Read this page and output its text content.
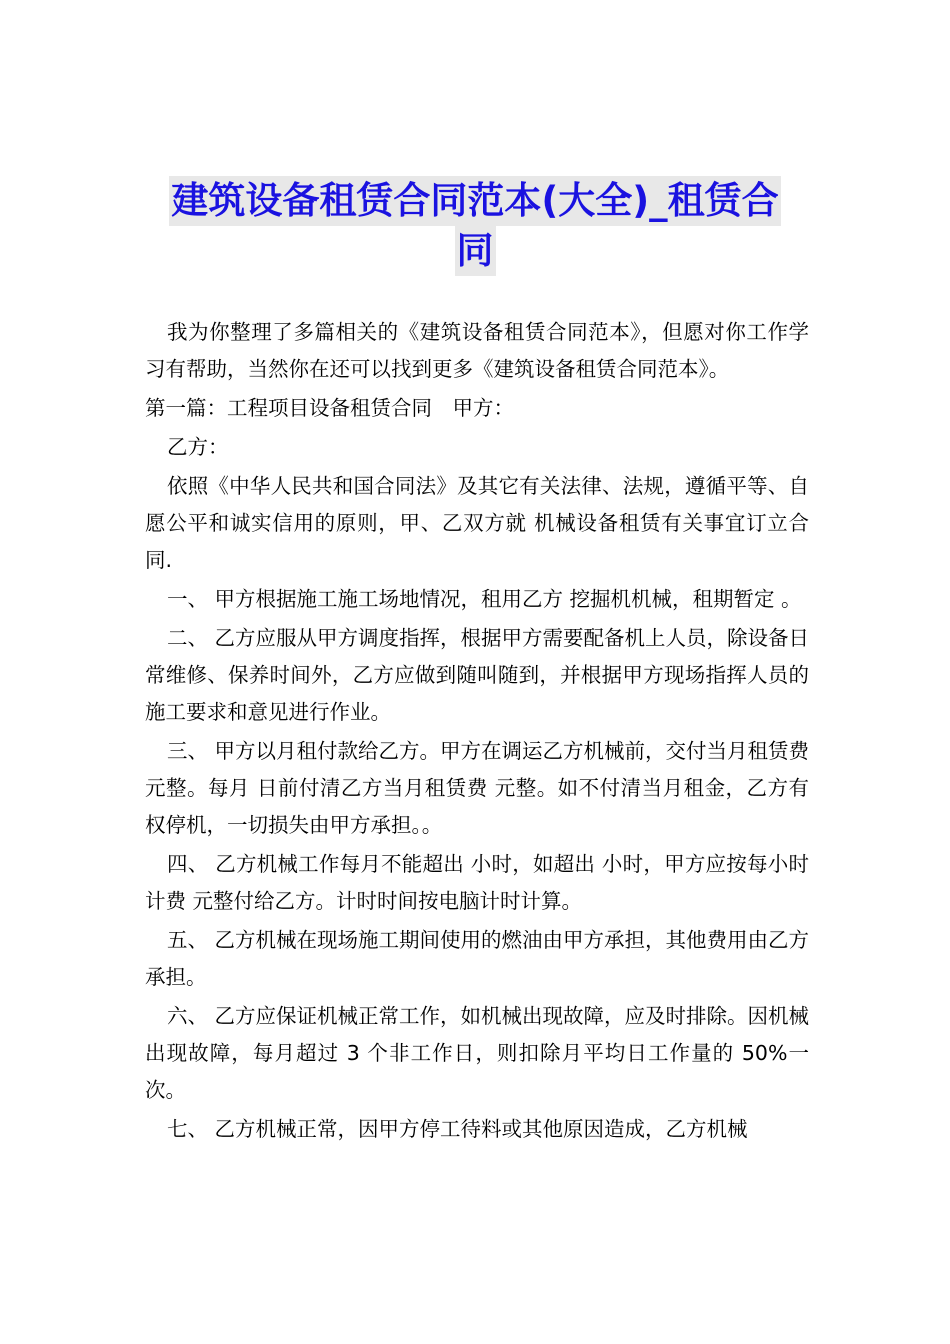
建筑设备租赁合同范本(大全)_租赁合
同

我为你整理了多篇相关的《建筑设备租赁合同范本》，但愿对你工作学习有帮助，当然你在还可以找到更多《建筑设备租赁合同范本》。

第一篇：工程项目设备租赁合同　甲方：

乙方：

依照《中华人民共和国合同法》及其它有关法律、法规，遵循平等、自愿公平和诚实信用的原则，甲、乙双方就 机械设备租赁有关事宜订立合同.

一、 甲方根据施工施工场地情况，租用乙方 挖掘机机械，租期暂定 。

二、 乙方应服从甲方调度指挥，根据甲方需要配备机上人员，除设备日常维修、保养时间外，乙方应做到随叫随到，并根据甲方现场指挥人员的施工要求和意见进行作业。

三、 甲方以月租付款给乙方。甲方在调运乙方机械前，交付当月租赁费 元整。每月 日前付清乙方当月租赁费 元整。如不付清当月租金，乙方有权停机，一切损失由甲方承担。。

四、 乙方机械工作每月不能超出 小时，如超出 小时，甲方应按每小时计费 元整付给乙方。计时时间按电脑计时计算。

五、 乙方机械在现场施工期间使用的燃油由甲方承担，其他费用由乙方承担。

六、 乙方应保证机械正常工作，如机械出现故障，应及时排除。因机械出现故障，每月超过 3 个非工作日，则扣除月平均日工作量的 50%一次。

七、 乙方机械正常，因甲方停工待料或其他原因造成，乙方机械
